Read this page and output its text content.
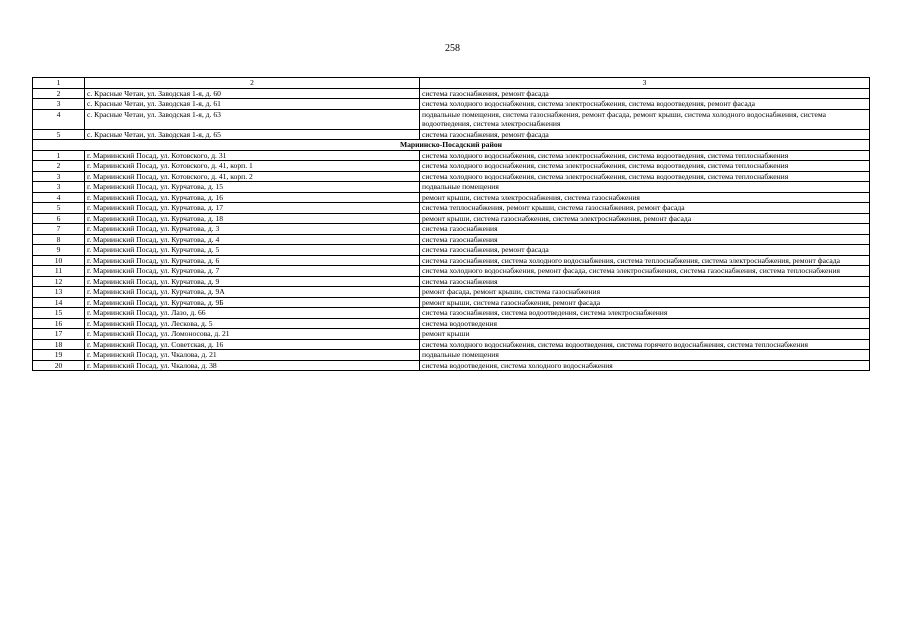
258
1	2	3
2	с. Красные Четаи, ул. Заводская 1-я, д. 60	система газоснабжения, ремонт фасада
3	с. Красные Четаи, ул. Заводская 1-я, д. 61	система холодного водоснабжения, система электроснабжения, система водоотведения, ремонт фасада
4	с. Красные Четаи, ул. Заводская 1-я, д. 63	подвальные помещения, система газоснабжения, ремонт фасада, ремонт крыши, система холодного водоснабжения, система водоотведения, система электроснабжения
5	с. Красные Четаи, ул. Заводская 1-я, д. 65	система газоснабжения, ремонт фасада
Мариинско-Посадский район		
1	г. Мариинский Посад, ул. Котовского, д. 31	система холодного водоснабжения, система электроснабжения, система водоотведения, система теплоснабжения
2	г. Мариинский Посад, ул. Котовского, д. 41, корп. 1	система холодного водоснабжения, система электроснабжения, система водоотведения, система теплоснабжения
3	г. Мариинский Посад, ул. Котовского, д. 41, корп. 2	система холодного водоснабжения, система электроснабжения, система водоотведения, система теплоснабжения
3	г. Мариинский Посад, ул. Курчатова, д. 15	подвальные помещения
4	г. Мариинский Посад, ул. Курчатова, д. 16	ремонт крыши, система электроснабжения, система газоснабжения
5	г. Мариинский Посад, ул. Курчатова, д. 17	система теплоснабжения, ремонт крыши, система газоснабжения, ремонт фасада
6	г. Мариинский Посад, ул. Курчатова, д. 18	ремонт крыши, система газоснабжения, система электроснабжения, ремонт фасада
7	г. Мариинский Посад, ул. Курчатова, д. 3	система газоснабжения
8	г. Мариинский Посад, ул. Курчатова, д. 4	система газоснабжения
9	г. Мариинский Посад, ул. Курчатова, д. 5	система газоснабжения, ремонт фасада
10	г. Мариинский Посад, ул. Курчатова, д. 6	система газоснабжения, система холодного водоснабжения, система теплоснабжения, система электроснабжения, ремонт фасада
11	г. Мариинский Посад, ул. Курчатова, д. 7	система холодного водоснабжения, ремонт фасада, система электроснабжения, система газоснабжения, система теплоснабжения
12	г. Мариинский Посад, ул. Курчатова, д. 9	система газоснабжения
13	г. Мариинский Посад, ул. Курчатова, д. 9А	ремонт фасада, ремонт крыши, система газоснабжения
14	г. Мариинский Посад, ул. Курчатова, д. 9Б	ремонт крыши, система газоснабжения, ремонт фасада
15	г. Мариинский Посад, ул. Лазо, д. 66	система газоснабжения, система водоотведения, система электроснабжения
16	г. Мариинский Посад, ул. Лескова, д. 5	система водоотведения
17	г. Мариинский Посад, ул. Ломоносова, д. 21	ремонт крыши
18	г. Мариинский Посад, ул. Советская, д. 16	система холодного водоснабжения, система водоотведения, система горячего водоснабжения, система теплоснабжения
19	г. Мариинский Посад, ул. Чкалова, д. 21	подвальные помещения
20	г. Мариинский Посад, ул. Чкалова, д. 38	система водоотведения, система холодного водоснабжения
